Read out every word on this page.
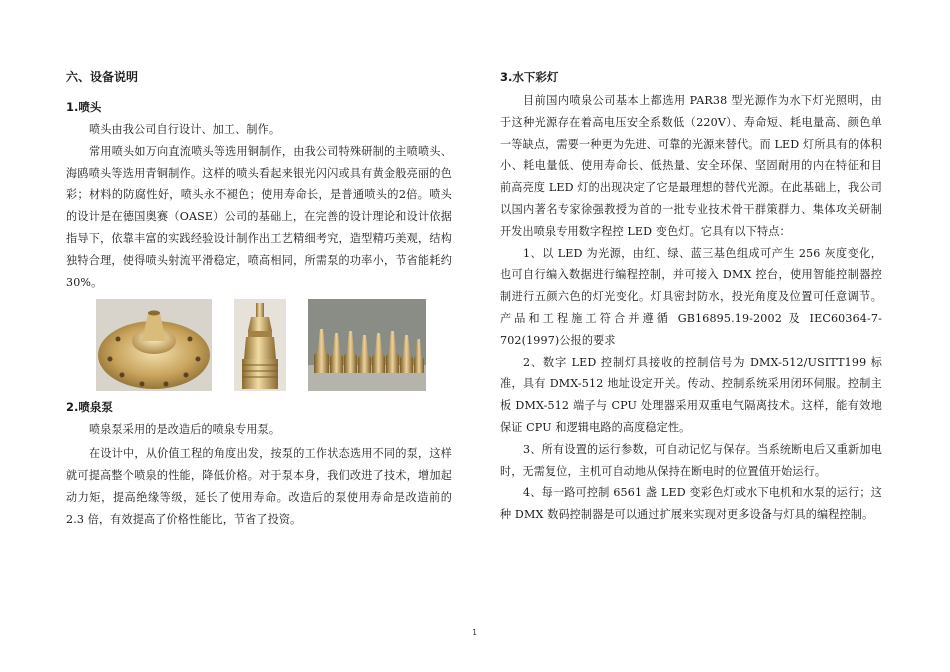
六、设备说明
1.喷头

喷头由我公司自行设计、加工、制作。

常用喷头如万向直流喷头等选用铜制作，由我公司特殊研制的主喷喷头、海鸥喷头等选用青铜制作。这样的喷头看起来银光闪闪或具有黄金般亮丽的色彩；材料的防腐性好，喷头永不褪色；使用寿命长，是普通喷头的2倍。喷头的设计是在德国奥赛（OASE）公司的基础上，在完善的设计理论和设计依据指导下，依靠丰富的实践经验设计制作出工艺精细考究，造型精巧美观，结构独特合理，使得喷头射流平滑稳定，喷高相同，所需泵的功率小，节省能耗约 30%。

2.喷泉泵

喷泉泵采用的是改造后的喷泉专用泵。

在设计中，从价值工程的角度出发，按泵的工作状态选用不同的泵，这样就可提高整个喷泉的性能，降低价格。对于泵本身，我们改进了技术，增加起动力矩，提高绝缘等级，延长了使用寿命。改造后的泵使用寿命是改造前的 2.3 倍，有效提高了价格性能比，节省了投资。

3.水下彩灯

目前国内喷泉公司基本上都选用 PAR38 型光源作为水下灯光照明，由于这种光源存在着高电压安全系数低（220V）、寿命短、耗电量高、颜色单一等缺点，需要一种更为先进、可靠的光源来替代。而 LED 灯所具有的体积小、耗电量低、使用寿命长、低热量、安全环保、坚固耐用的内在特征和目前高亮度 LED 灯的出现决定了它是最理想的替代光源。在此基础上，我公司以国内著名专家徐强教授为首的一批专业技术骨干群策群力、集体攻关研制开发出喷泉专用数字程控 LED 变色灯。它具有以下特点：

1、以 LED 为光源，由红、绿、蓝三基色组成可产生 256 灰度变化，也可自行编入数据进行编程控制，并可接入 DMX 控台，使用智能控制器控制进行五颜六色的灯光变化。灯具密封防水，投光角度及位置可任意调节。产品和工程施工符合并遵循 GB16895.19-2002 及 IEC60364-7-702(1997)公报的要求

2、数字 LED 控制灯具接收的控制信号为 DMX-512/USITT199 标准，具有 DMX-512 地址设定开关。传动、控制系统采用闭环伺服。控制主板 DMX-512 端子与 CPU 处理器采用双重电气隔离技术。这样，能有效地保证 CPU 和逻辑电路的高度稳定性。

3、所有设置的运行参数，可自动记忆与保存。当系统断电后又重新加电时，无需复位，主机可自动地从保持在断电时的位置值开始运行。

4、每一路可控制 6561 盏 LED 变彩色灯或水下电机和水泵的运行；这种 DMX 数码控制器是可以通过扩展来实现对更多设备与灯具的编程控制。

1
